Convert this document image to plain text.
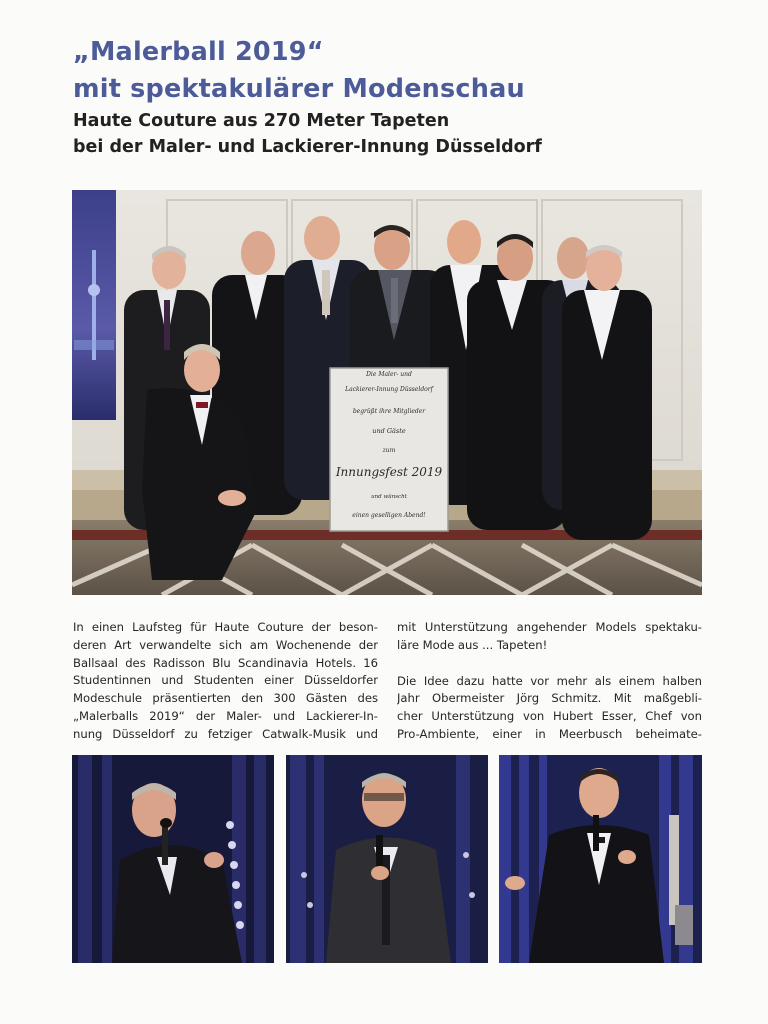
„Malerball 2019“
mit spektakulärer Modenschau
Haute Couture aus 270 Meter Tapeten
bei der Maler- und Lackierer-Innung Düsseldorf
Die Maler- und
Lackierer-Innung Düsseldorf
begrüßt ihre Mitglieder
und Gäste
zum
Innungsfest 2019
und wünscht
einen geselligen Abend!

In einen Laufsteg für Haute Couture der beson-
deren Art verwandelte sich am Wochenende der
Ballsaal des Radisson Blu Scandinavia Hotels. 16
Studentinnen und Studenten einer Düsseldorfer
Modeschule präsentierten den 300 Gästen des
„Malerballs 2019“ der Maler- und Lackierer-In-
nung Düsseldorf zu fetziger Catwalk-Musik und

mit Unterstützung angehender Models spektaku-
läre Mode aus ... Tapeten!

Die Idee dazu hatte vor mehr als einem halben
Jahr Obermeister Jörg Schmitz. Mit maßgebli-
cher Unterstützung von Hubert Esser, Chef von
Pro-Ambiente, einer in Meerbusch beheimate-
